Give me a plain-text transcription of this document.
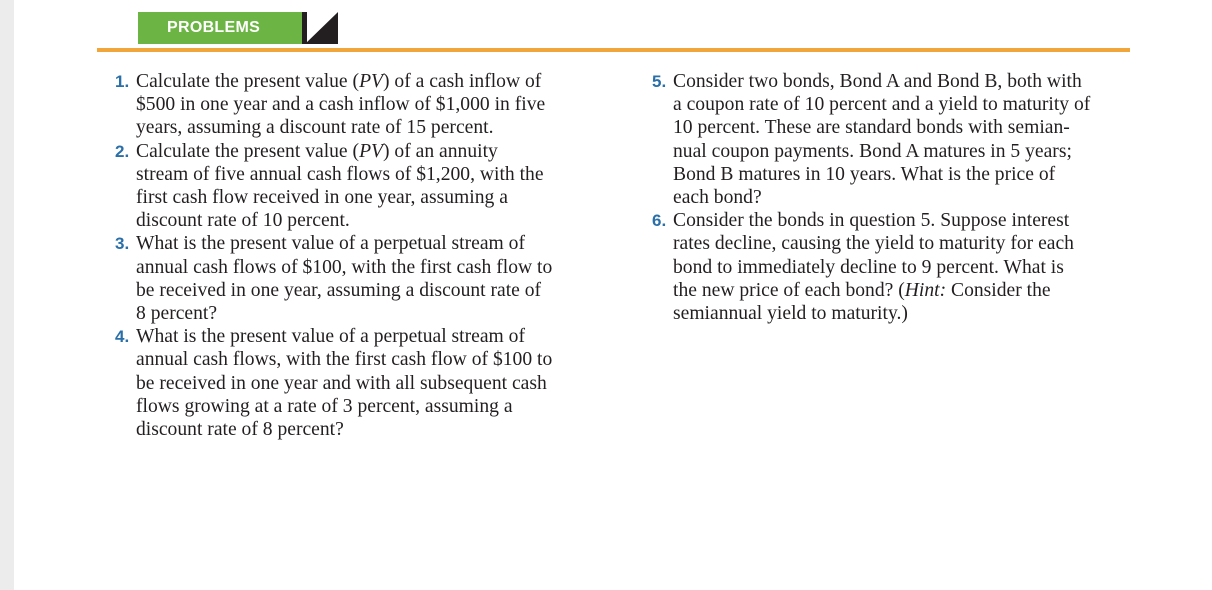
PROBLEMS
1. Calculate the present value (PV) of a cash inflow of
$500 in one year and a cash inflow of $1,000 in five
years, assuming a discount rate of 15 percent.
2. Calculate the present value (PV) of an annuity
stream of five annual cash flows of $1,200, with the
first cash flow received in one year, assuming a
discount rate of 10 percent.
3. What is the present value of a perpetual stream of
annual cash flows of $100, with the first cash flow to
be received in one year, assuming a discount rate of
8 percent?
4. What is the present value of a perpetual stream of
annual cash flows, with the first cash flow of $100 to
be received in one year and with all subsequent cash
flows growing at a rate of 3 percent, assuming a
discount rate of 8 percent?
5. Consider two bonds, Bond A and Bond B, both with
a coupon rate of 10 percent and a yield to maturity of
10 percent. These are standard bonds with semian-
nual coupon payments. Bond A matures in 5 years;
Bond B matures in 10 years. What is the price of
each bond?
6. Consider the bonds in question 5. Suppose interest
rates decline, causing the yield to maturity for each
bond to immediately decline to 9 percent. What is
the new price of each bond? (Hint: Consider the
semiannual yield to maturity.)
